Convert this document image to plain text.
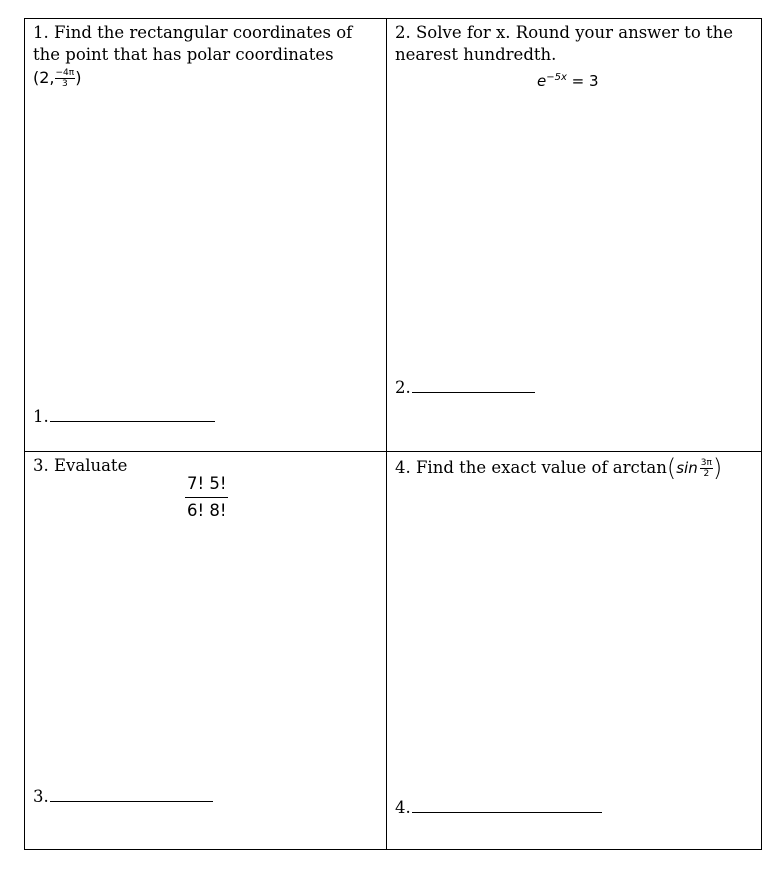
1. Find the rectangular coordinates of the point that has polar coordinates
(2, $\frac{-4\pi}{3}$ )
1.
2. Solve for x. Round your answer to the nearest hundredth.
$e^{-5x} = 3$
2.
3. Evaluate
$\frac{7! 5!}{6! 8!}$
3.
4. Find the exact value of arctan ( $\sin \frac{3\pi}{2}$ )
4.
